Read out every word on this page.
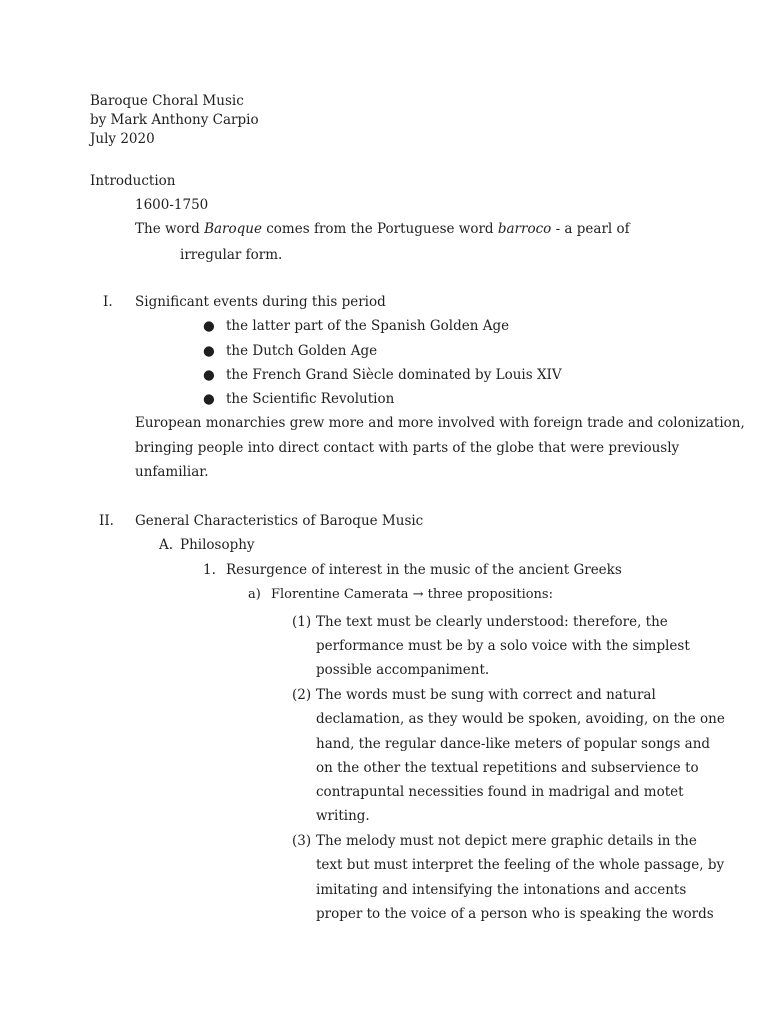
Baroque Choral Music
by Mark Anthony Carpio
July 2020
Introduction
1600-1750
The word Baroque comes from the Portuguese word barroco - a pearl of
irregular form.
I. Significant events during this period
● the latter part of the Spanish Golden Age
● the Dutch Golden Age
● the French Grand Siècle dominated by Louis XIV
● the Scientific Revolution
European monarchies grew more and more involved with foreign trade and colonization,
bringing people into direct contact with parts of the globe that were previously
unfamiliar.
II. General Characteristics of Baroque Music
A. Philosophy
1. Resurgence of interest in the music of the ancient Greeks
a) Florentine Camerata → three propositions:
(1) The text must be clearly understood: therefore, the
performance must be by a solo voice with the simplest
possible accompaniment.
(2) The words must be sung with correct and natural
declamation, as they would be spoken, avoiding, on the one
hand, the regular dance-like meters of popular songs and
on the other the textual repetitions and subservience to
contrapuntal necessities found in madrigal and motet
writing.
(3) The melody must not depict mere graphic details in the
text but must interpret the feeling of the whole passage, by
imitating and intensifying the intonations and accents
proper to the voice of a person who is speaking the words
